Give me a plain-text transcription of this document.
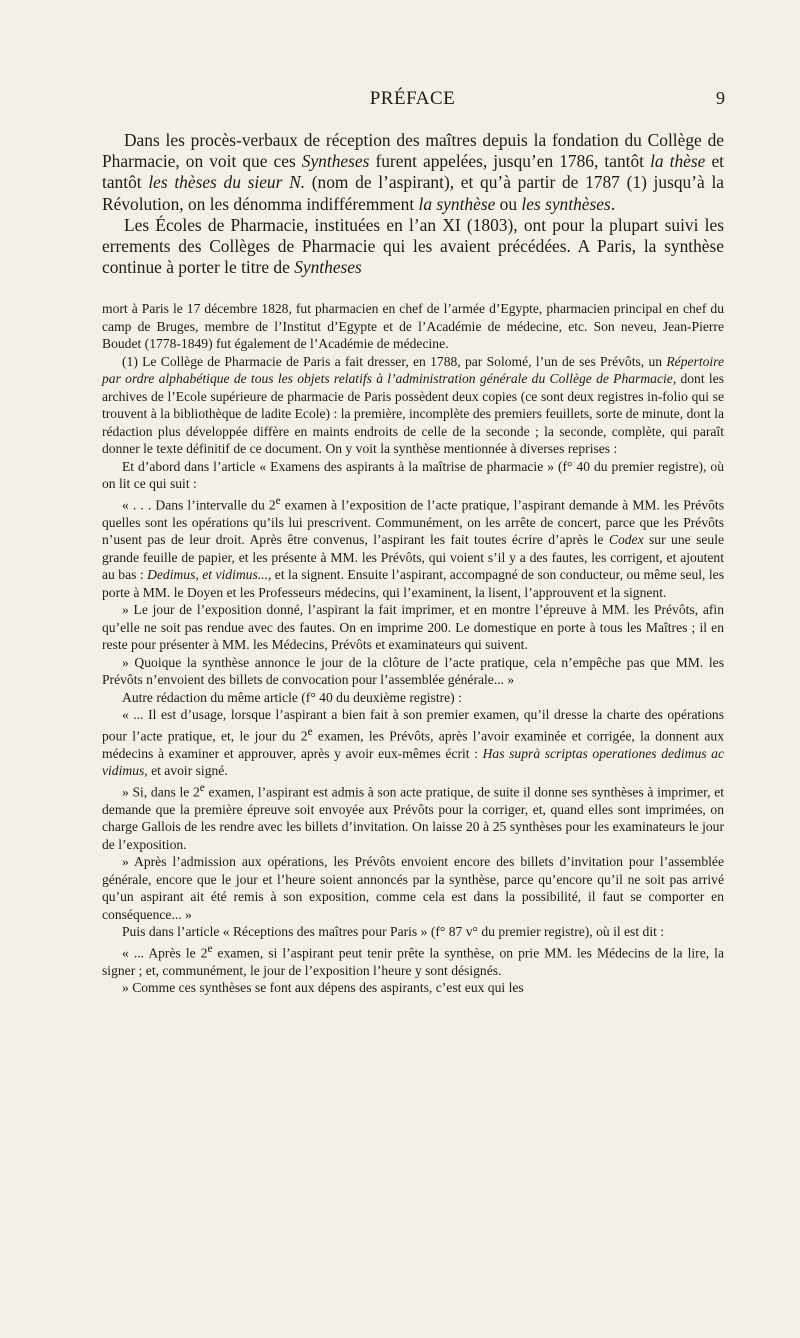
PRÉFACE	9

Dans les procès-verbaux de réception des maîtres depuis la fondation du Collège de Pharmacie, on voit que ces Syntheses furent appelées, jusqu’en 1786, tantôt la thèse et tantôt les thèses du sieur N. (nom de l’aspirant), et qu’à partir de 1787 (1) jusqu’à la Révolution, on les dénomma indifféremment la synthèse ou les synthèses.

Les Écoles de Pharmacie, instituées en l’an XI (1803), ont pour la plupart suivi les errements des Collèges de Pharmacie qui les avaient précédées. A Paris, la synthèse continue à porter le titre de Syntheses

mort à Paris le 17 décembre 1828, fut pharmacien en chef de l’armée d’Egypte, pharmacien principal en chef du camp de Bruges, membre de l’Institut d’Egypte et de l’Académie de médecine, etc. Son neveu, Jean-Pierre Boudet (1778-1849) fut également de l’Académie de médecine.

(1) Le Collège de Pharmacie de Paris a fait dresser, en 1788, par Solomé, l’un de ses Prévôts, un Répertoire par ordre alphabétique de tous les objets relatifs à l’administration générale du Collège de Pharmacie, dont les archives de l’Ecole supérieure de pharmacie de Paris possèdent deux copies (ce sont deux registres in-folio qui se trouvent à la bibliothèque de ladite Ecole) : la première, incomplète des premiers feuillets, sorte de minute, dont la rédaction plus développée diffère en maints endroits de celle de la seconde ; la seconde, complète, qui paraît donner le texte définitif de ce document. On y voit la synthèse mentionnée à diverses reprises :

Et d’abord dans l’article « Examens des aspirants à la maîtrise de pharmacie » (f° 40 du premier registre), où on lit ce qui suit :

« . . . Dans l’intervalle du 2e examen à l’exposition de l’acte pratique, l’aspirant demande à MM. les Prévôts quelles sont les opérations qu’ils lui prescrivent. Communément, on les arrête de concert, parce que les Prévôts n’usent pas de leur droit. Après être convenus, l’aspirant les fait toutes écrire d’après le Codex sur une seule grande feuille de papier, et les présente à MM. les Prévôts, qui voient s’il y a des fautes, les corrigent, et ajoutent au bas : Dedimus, et vidimus..., et la signent. Ensuite l’aspirant, accompagné de son conducteur, ou même seul, les porte à MM. le Doyen et les Professeurs médecins, qui l’examinent, la lisent, l’approuvent et la signent.

» Le jour de l’exposition donné, l’aspirant la fait imprimer, et en montre l’épreuve à MM. les Prévôts, afin qu’elle ne soit pas rendue avec des fautes. On en imprime 200. Le domestique en porte à tous les Maîtres ; il en reste pour présenter à MM. les Médecins, Prévôts et examinateurs qui suivent.

» Quoique la synthèse annonce le jour de la clôture de l’acte pratique, cela n’empêche pas que MM. les Prévôts n’envoient des billets de convocation pour l’assemblée générale... »

Autre rédaction du même article (f° 40 du deuxième registre) :

« ... Il est d’usage, lorsque l’aspirant a bien fait à son premier examen, qu’il dresse la charte des opérations pour l’acte pratique, et, le jour du 2e examen, les Prévôts, après l’avoir examinée et corrigée, la donnent aux médecins à examiner et approuver, après y avoir eux-mêmes écrit : Has suprà scriptas operationes dedimus ac vidimus, et avoir signé.

» Si, dans le 2e examen, l’aspirant est admis à son acte pratique, de suite il donne ses synthèses à imprimer, et demande que la première épreuve soit envoyée aux Prévôts pour la corriger, et, quand elles sont imprimées, on charge Gallois de les rendre avec les billets d’invitation. On laisse 20 à 25 synthèses pour les examinateurs le jour de l’exposition.

» Après l’admission aux opérations, les Prévôts envoient encore des billets d’invitation pour l’assemblée générale, encore que le jour et l’heure soient annoncés par la synthèse, parce qu’encore qu’il ne soit pas arrivé qu’un aspirant ait été remis à son exposition, comme cela est dans la possibilité, il faut se comporter en conséquence... »

Puis dans l’article « Réceptions des maîtres pour Paris » (f° 87 v° du premier registre), où il est dit :

« ... Après le 2e examen, si l’aspirant peut tenir prête la synthèse, on prie MM. les Médecins de la lire, la signer ; et, communément, le jour de l’exposition l’heure y sont désignés.

» Comme ces synthèses se font aux dépens des aspirants, c’est eux qui les
